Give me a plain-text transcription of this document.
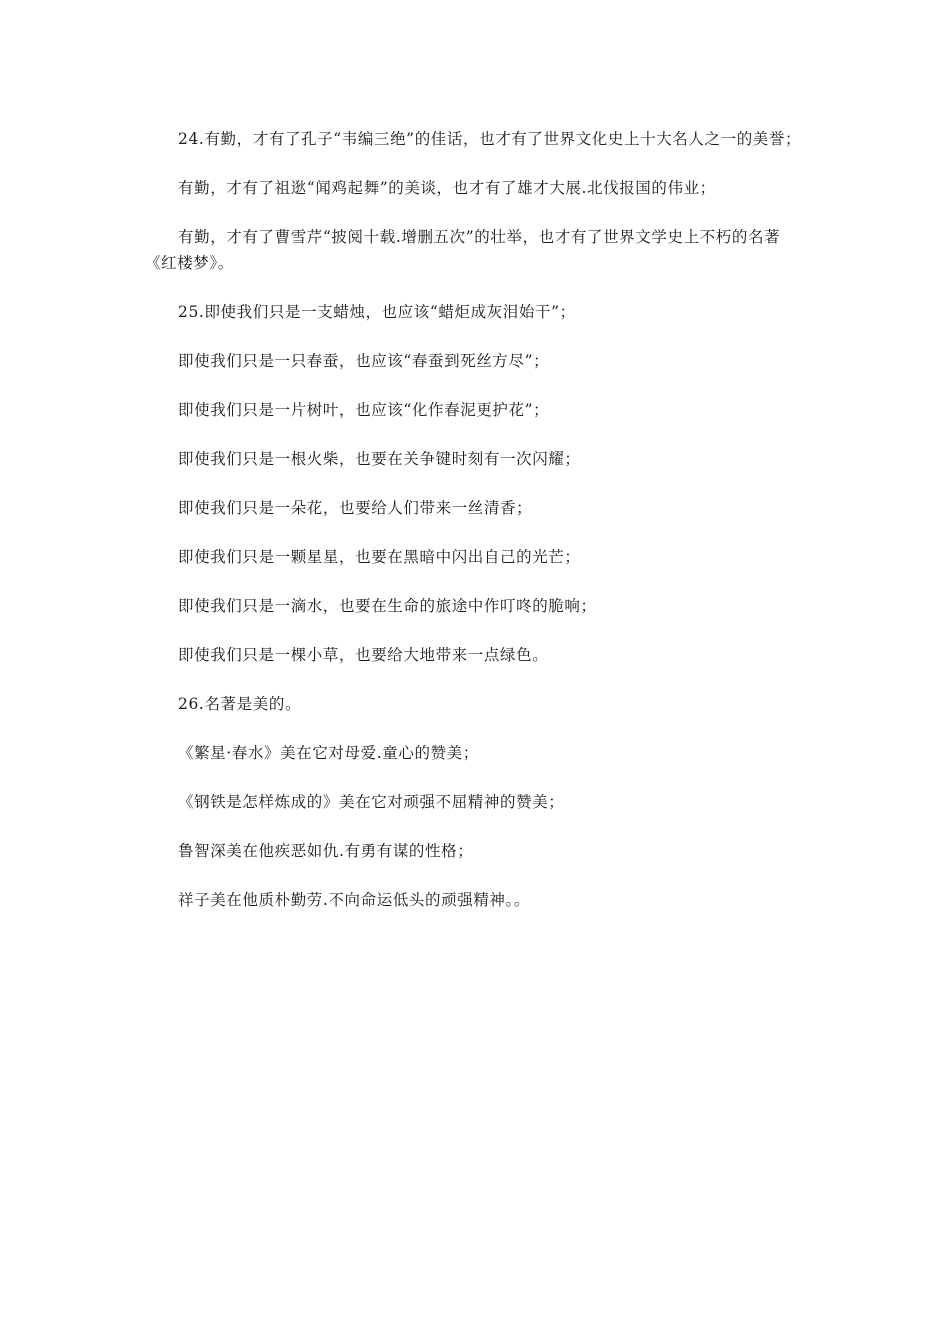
24.有勤，才有了孔子“韦编三绝”的佳话，也才有了世界文化史上十大名人之一的美誉；

有勤，才有了祖逖“闻鸡起舞”的美谈，也才有了雄才大展.北伐报国的伟业；

有勤，才有了曹雪芹“披阅十载.增删五次”的壮举，也才有了世界文学史上不朽的名著《红楼梦》。

25.即使我们只是一支蜡烛，也应该“蜡炬成灰泪始干”；

即使我们只是一只春蚕，也应该“春蚕到死丝方尽”；

即使我们只是一片树叶，也应该“化作春泥更护花”；

即使我们只是一根火柴，也要在关争键时刻有一次闪耀；

即使我们只是一朵花，也要给人们带来一丝清香；

即使我们只是一颗星星，也要在黑暗中闪出自己的光芒；

即使我们只是一滴水，也要在生命的旅途中作叮咚的脆响；

即使我们只是一棵小草，也要给大地带来一点绿色。

26.名著是美的。

《繁星·春水》美在它对母爱.童心的赞美；

《钢铁是怎样炼成的》美在它对顽强不屈精神的赞美；

鲁智深美在他疾恶如仇.有勇有谋的性格；

祥子美在他质朴勤劳.不向命运低头的顽强精神。。
